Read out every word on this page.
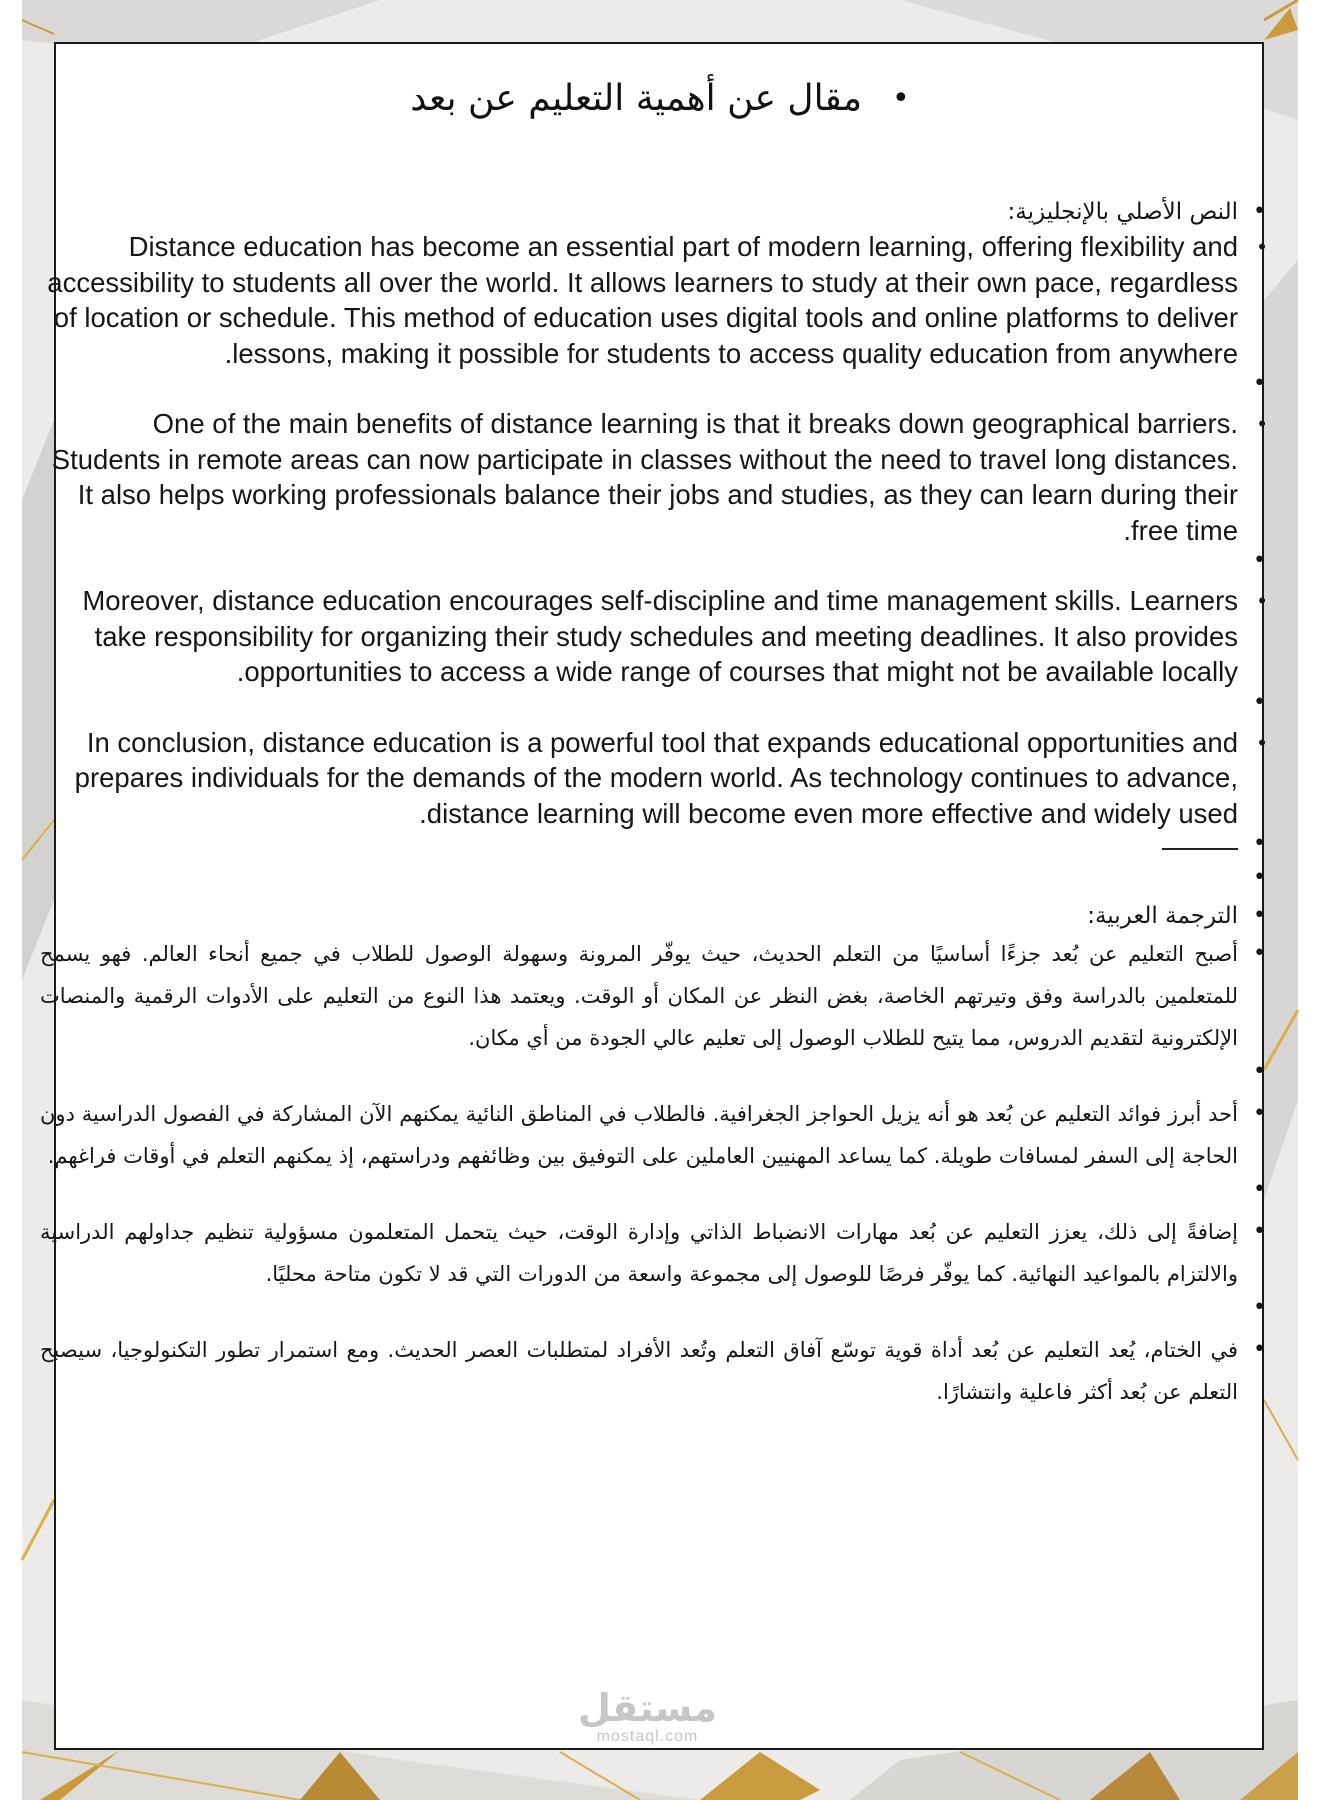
•
مقال عن أهمية التعليم عن بعد
• النص الأصلي بالإنجليزية:
• Distance education has become an essential part of modern learning, offering flexibility and accessibility to students all over the world. It allows learners to study at their own pace, regardless of location or schedule. This method of education uses digital tools and online platforms to deliver lessons, making it possible for students to access quality education from anywhere.
•
• One of the main benefits of distance learning is that it breaks down geographical barriers. Students in remote areas can now participate in classes without the need to travel long distances. It also helps working professionals balance their jobs and studies, as they can learn during their free time.
•
• Moreover, distance education encourages self-discipline and time management skills. Learners take responsibility for organizing their study schedules and meeting deadlines. It also provides opportunities to access a wide range of courses that might not be available locally.
•
• In conclusion, distance education is a powerful tool that expands educational opportunities and prepares individuals for the demands of the modern world. As technology continues to advance, distance learning will become even more effective and widely used.
•
•
• الترجمة العربية:
• أصبح التعليم عن بُعد جزءًا أساسيًا من التعلم الحديث، حيث يوفّر المرونة وسهولة الوصول للطلاب في جميع أنحاء العالم. فهو يسمح للمتعلمين بالدراسة وفق وتيرتهم الخاصة، بغض النظر عن المكان أو الوقت. ويعتمد هذا النوع من التعليم على الأدوات الرقمية والمنصات الإلكترونية لتقديم الدروس، مما يتيح للطلاب الوصول إلى تعليم عالي الجودة من أي مكان.
•
• أحد أبرز فوائد التعليم عن بُعد هو أنه يزيل الحواجز الجغرافية. فالطلاب في المناطق النائية يمكنهم الآن المشاركة في الفصول الدراسية دون الحاجة إلى السفر لمسافات طويلة. كما يساعد المهنيين العاملين على التوفيق بين وظائفهم ودراستهم، إذ يمكنهم التعلم في أوقات فراغهم.
•
• إضافةً إلى ذلك، يعزز التعليم عن بُعد مهارات الانضباط الذاتي وإدارة الوقت، حيث يتحمل المتعلمون مسؤولية تنظيم جداولهم الدراسية والالتزام بالمواعيد النهائية. كما يوفّر فرصًا للوصول إلى مجموعة واسعة من الدورات التي قد لا تكون متاحة محليًا.
•
• في الختام، يُعد التعليم عن بُعد أداة قوية توسّع آفاق التعلم وتُعد الأفراد لمتطلبات العصر الحديث. ومع استمرار تطور التكنولوجيا، سيصبح التعلم عن بُعد أكثر فاعلية وانتشارًا.
مستقل
mostaql.com
